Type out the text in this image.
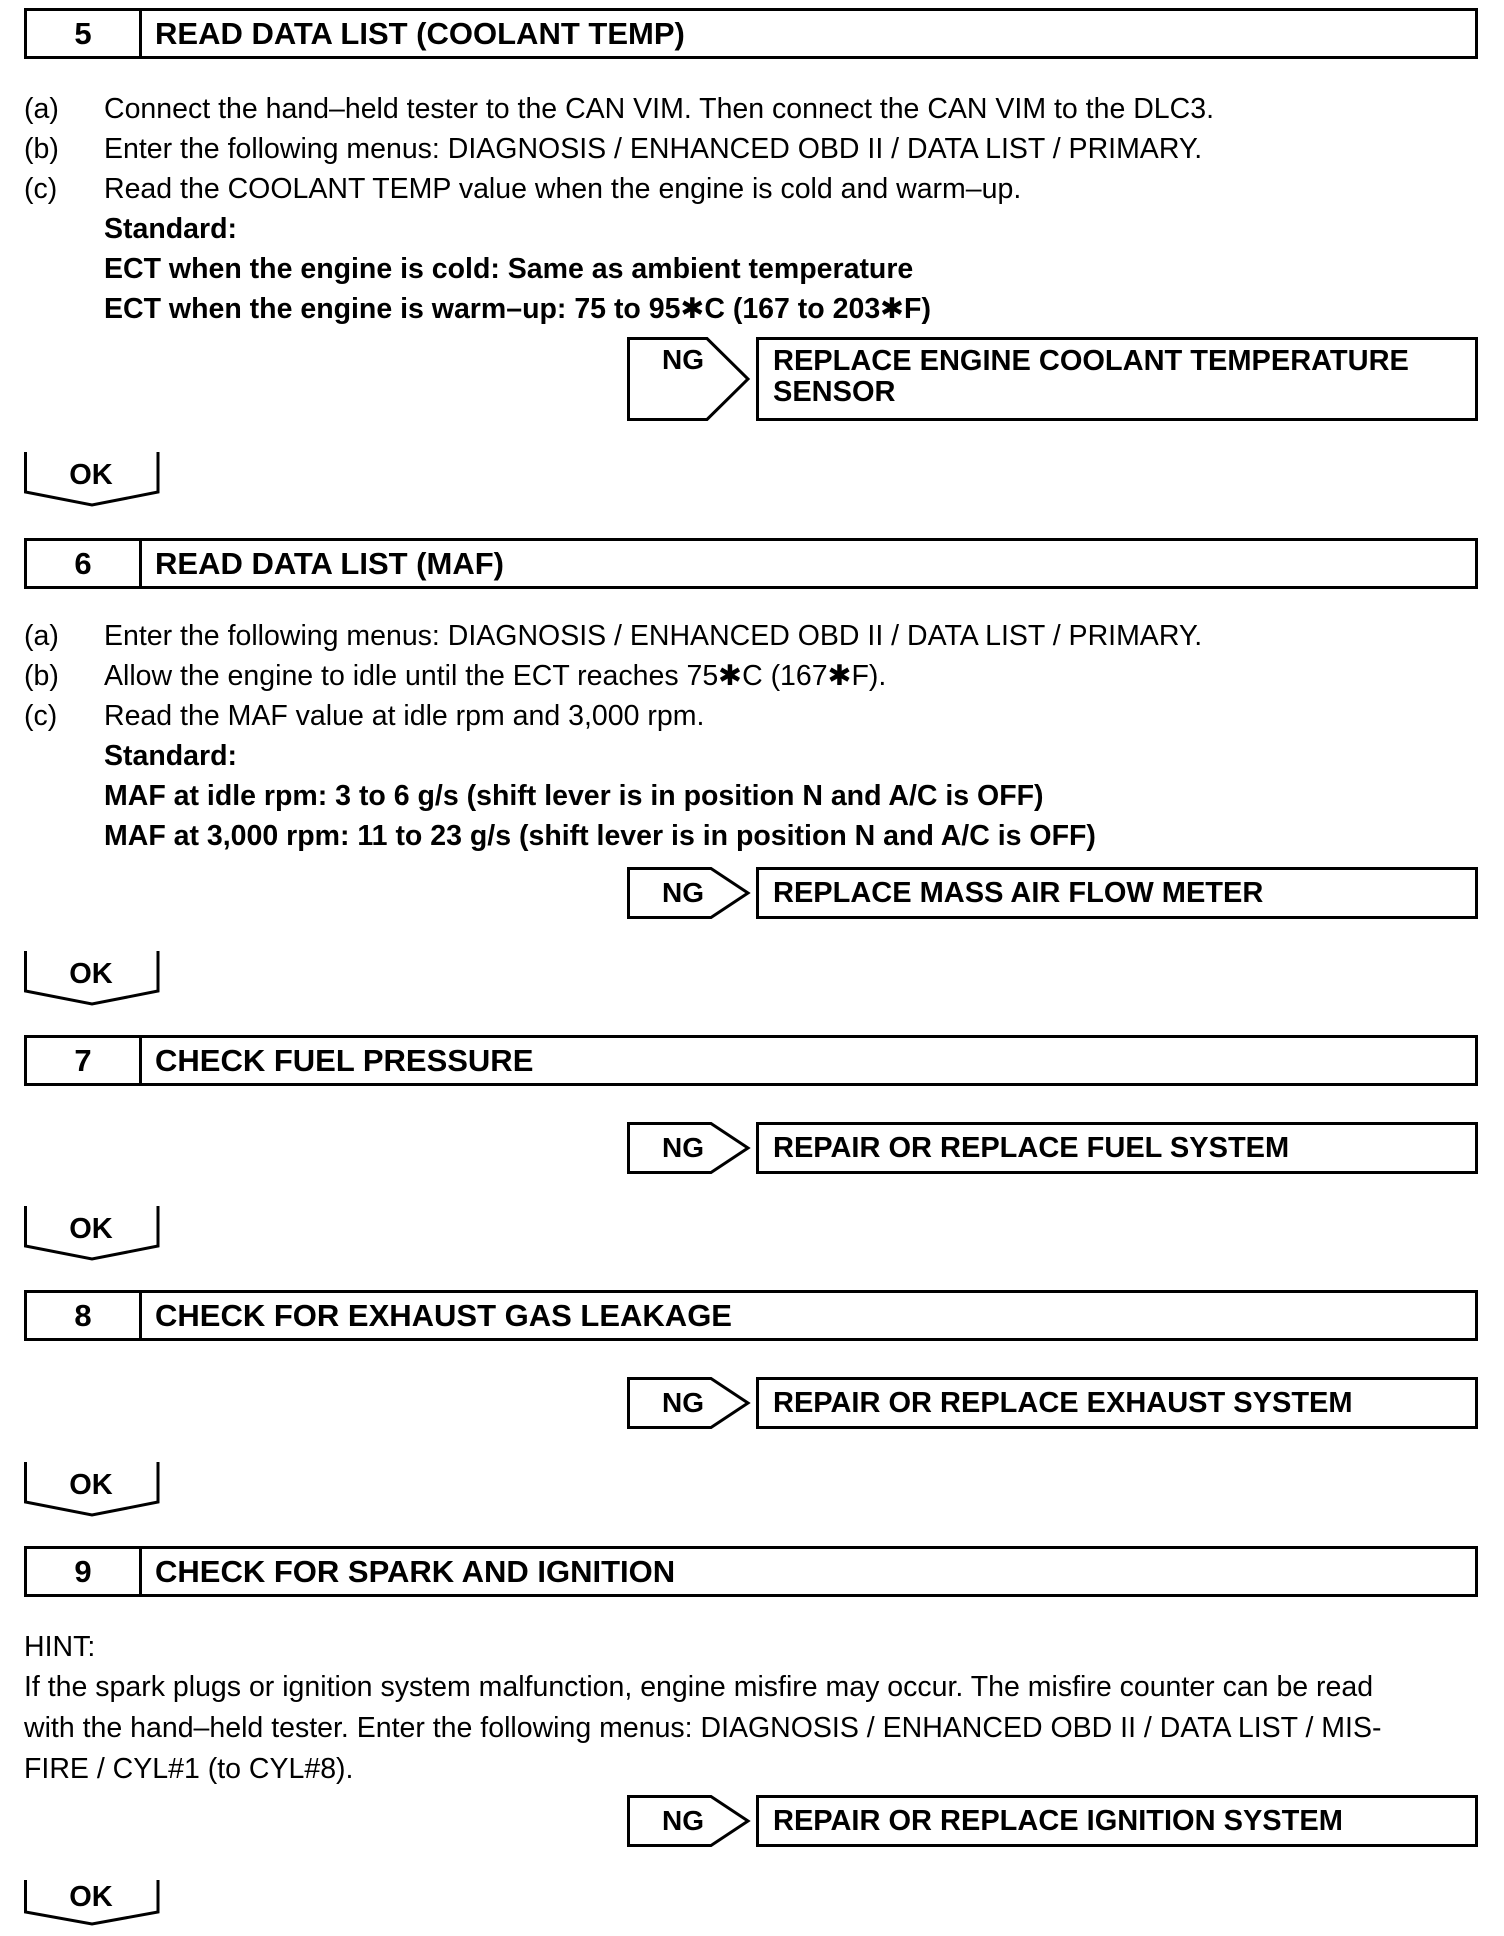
5	READ DATA LIST (COOLANT TEMP)
(a) Connect the hand–held tester to the CAN VIM. Then connect the CAN VIM to the DLC3.
(b) Enter the following menus: DIAGNOSIS / ENHANCED OBD II / DATA LIST / PRIMARY.
(c) Read the COOLANT TEMP value when the engine is cold and warm–up.
Standard:
ECT when the engine is cold: Same as ambient temperature
ECT when the engine is warm–up: 75 to 95✱C (167 to 203✱F)
NG	REPLACE ENGINE COOLANT TEMPERATURE
SENSOR
OK
6	READ DATA LIST (MAF)
(a) Enter the following menus: DIAGNOSIS / ENHANCED OBD II / DATA LIST / PRIMARY.
(b) Allow the engine to idle until the ECT reaches 75✱C (167✱F).
(c) Read the MAF value at idle rpm and 3,000 rpm.
Standard:
MAF at idle rpm: 3 to 6 g/s (shift lever is in position N and A/C is OFF)
MAF at 3,000 rpm: 11 to 23 g/s (shift lever is in position N and A/C is OFF)
NG	REPLACE MASS AIR FLOW METER
OK
7	CHECK FUEL PRESSURE
NG	REPAIR OR REPLACE FUEL SYSTEM
OK
8	CHECK FOR EXHAUST GAS LEAKAGE
NG	REPAIR OR REPLACE EXHAUST SYSTEM
OK
9	CHECK FOR SPARK AND IGNITION
HINT:
If the spark plugs or ignition system malfunction, engine misfire may occur. The misfire counter can be read
with the hand–held tester. Enter the following menus: DIAGNOSIS / ENHANCED OBD II / DATA LIST / MIS-
FIRE / CYL#1 (to CYL#8).
NG	REPAIR OR REPLACE IGNITION SYSTEM
OK
